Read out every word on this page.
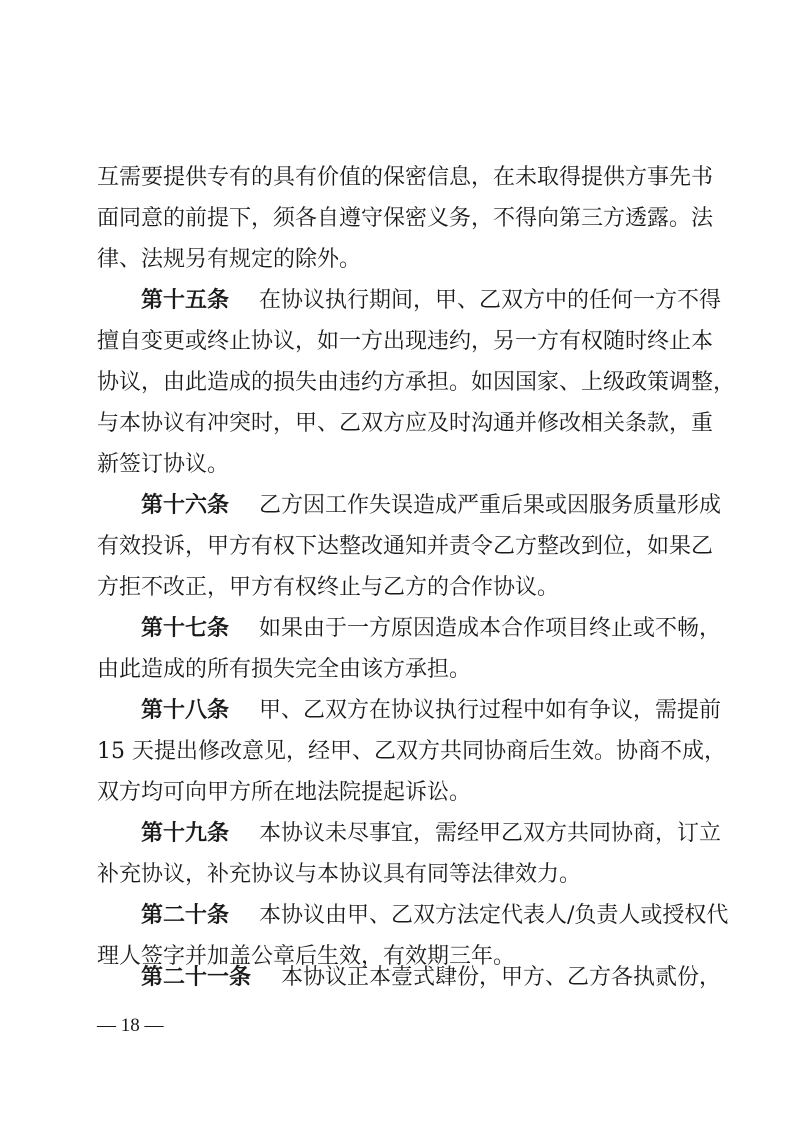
互需要提供专有的具有价值的保密信息，在未取得提供方事先书
面同意的前提下，须各自遵守保密义务，不得向第三方透露。法
律、法规另有规定的除外。
第十五条 在协议执行期间，甲、乙双方中的任何一方不得
擅自变更或终止协议，如一方出现违约，另一方有权随时终止本
协议，由此造成的损失由违约方承担。如因国家、上级政策调整，
与本协议有冲突时，甲、乙双方应及时沟通并修改相关条款，重
新签订协议。
第十六条 乙方因工作失误造成严重后果或因服务质量形成
有效投诉，甲方有权下达整改通知并责令乙方整改到位，如果乙
方拒不改正，甲方有权终止与乙方的合作协议。
第十七条 如果由于一方原因造成本合作项目终止或不畅，
由此造成的所有损失完全由该方承担。
第十八条 甲、乙双方在协议执行过程中如有争议，需提前
15 天提出修改意见，经甲、乙双方共同协商后生效。协商不成，
双方均可向甲方所在地法院提起诉讼。
第十九条 本协议未尽事宜，需经甲乙双方共同协商，订立
补充协议，补充协议与本协议具有同等法律效力。
第二十条 本协议由甲、乙双方法定代表人/负责人或授权代
理人签字并加盖公章后生效，有效期三年。
第二十一条 本协议正本壹式肆份，甲方、乙方各执贰份，
— 18 —
